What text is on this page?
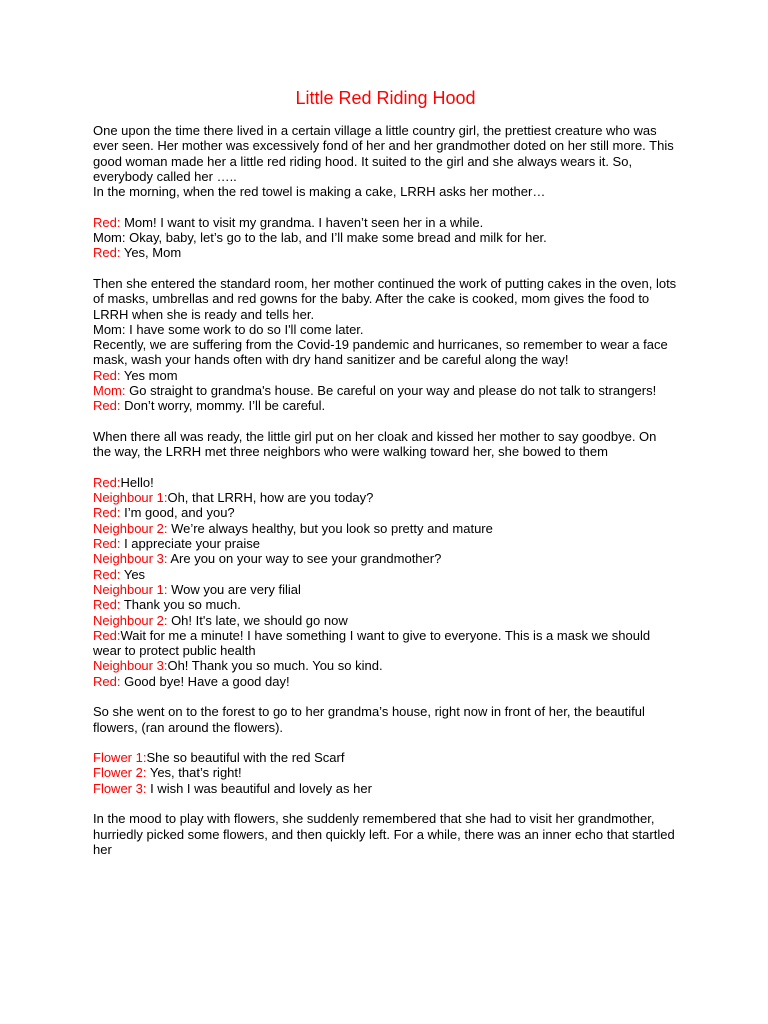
Little Red Riding Hood

One upon the time there lived in a certain village a little country girl, the prettiest creature who was ever seen. Her mother was excessively fond of her and her grandmother doted on her still more. This good woman made her a little red riding hood. It suited to the girl and she always wears it. So, everybody called her …..
In the morning, when the red towel is making a cake, LRRH asks her mother…

Red: Mom! I want to visit my grandma. I haven’t seen her in a while.

Mom: Okay, baby, let’s go to the lab, and I’ll make some bread and milk for her.

Red: Yes, Mom

Then she entered the standard room, her mother continued the work of putting cakes in the oven, lots of masks, umbrellas and red gowns for the baby. After the cake is cooked, mom gives the food to LRRH when she is ready and tells her.
Mom: I have some work to do so I'll come later.
Recently, we are suffering from the Covid-19 pandemic and hurricanes, so remember to wear a face mask, wash your hands often with dry hand sanitizer and be careful along the way!

Red: Yes mom

Mom: Go straight to grandma's house. Be careful on your way and please do not talk to strangers!

Red: Don’t worry, mommy. I’ll be careful.

When there all was ready, the little girl put on her cloak and kissed her mother to say goodbye. On the way, the LRRH met three neighbors who were walking toward her, she bowed to them

Red:Hello!

Neighbour 1:Oh, that LRRH, how are you today?

Red: I’m good, and you?

Neighbour 2: We’re always healthy, but you look so pretty and mature

Red: I appreciate your praise

Neighbour 3: Are you on your way to see your grandmother?

Red: Yes

Neighbour 1: Wow you are very filial

Red: Thank you so much.

Neighbour 2: Oh! It's late, we should go now

Red:Wait for me a minute! I have something I want to give to everyone. This is a mask we should wear to protect public health

Neighbour 3:Oh! Thank you so much. You so kind.

Red: Good bye! Have a good day!

So she went on to the forest to go to her grandma’s house, right now in front of her, the beautiful flowers, (ran around the flowers).

Flower 1:She so beautiful with the red Scarf

Flower 2: Yes, that’s right!

Flower 3: I wish I was beautiful and lovely as her

In the mood to play with flowers, she suddenly remembered that she had to visit her grandmother, hurriedly picked some flowers, and then quickly left. For a while, there was an inner echo that startled her
